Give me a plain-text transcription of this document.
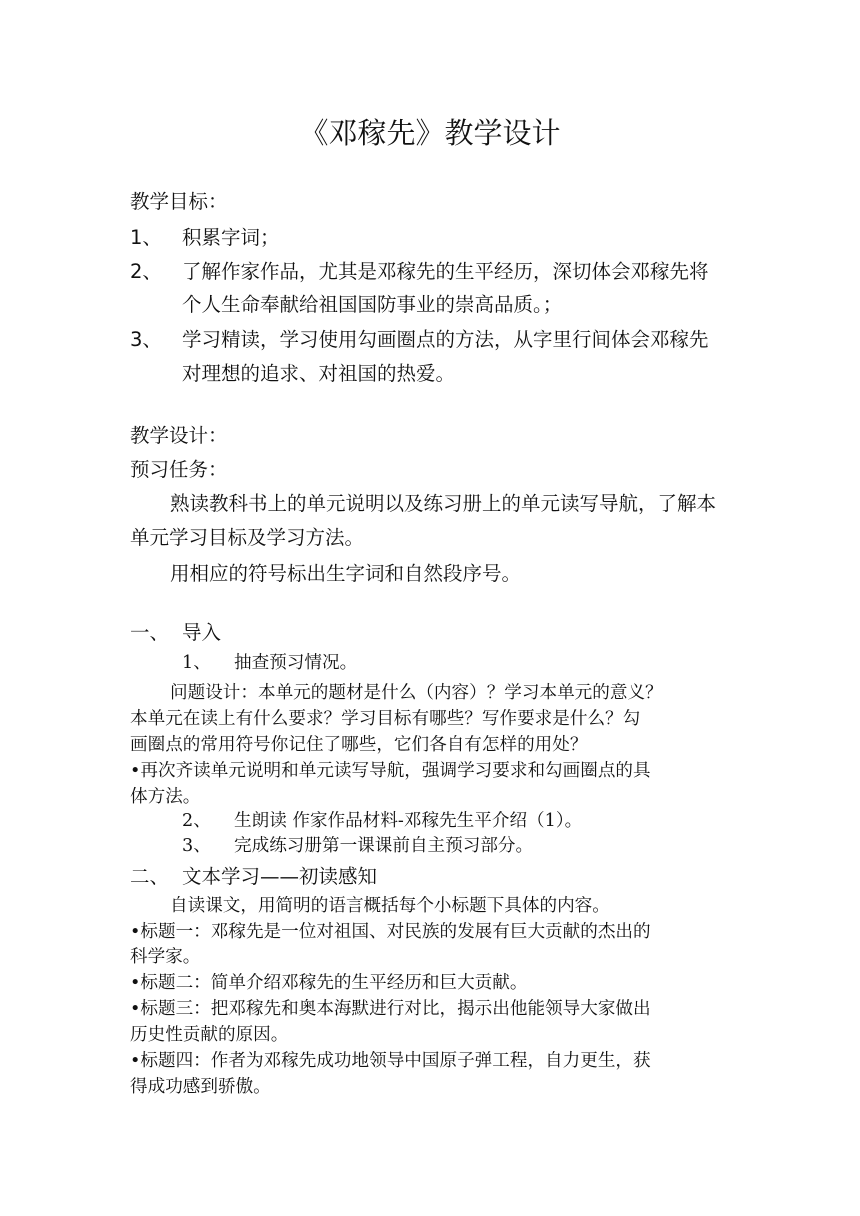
《邓稼先》教学设计

教学目标：

1、 积累字词；

2、 了解作家作品，尤其是邓稼先的生平经历，深切体会邓稼先将

个人生命奉献给祖国国防事业的崇高品质。；

3、 学习精读，学习使用勾画圈点的方法，从字里行间体会邓稼先

对理想的追求、对祖国的热爱。

教学设计：

预习任务：

熟读教科书上的单元说明以及练习册上的单元读写导航，了解本

单元学习目标及学习方法。

用相应的符号标出生字词和自然段序号。

一、 导入

1、 抽查预习情况。

问题设计：本单元的题材是什么（内容）？学习本单元的意义？

本单元在读上有什么要求？学习目标有哪些？写作要求是什么？勾

画圈点的常用符号你记住了哪些，它们各自有怎样的用处？

•再次齐读单元说明和单元读写导航，强调学习要求和勾画圈点的具

体方法。

2、 生朗读 作家作品材料-邓稼先生平介绍（1）。

3、 完成练习册第一课课前自主预习部分。

二、 文本学习——初读感知

自读课文，用简明的语言概括每个小标题下具体的内容。

•标题一：邓稼先是一位对祖国、对民族的发展有巨大贡献的杰出的

科学家。

•标题二：简单介绍邓稼先的生平经历和巨大贡献。

•标题三：把邓稼先和奥本海默进行对比，揭示出他能领导大家做出

历史性贡献的原因。

•标题四：作者为邓稼先成功地领导中国原子弹工程，自力更生，获

得成功感到骄傲。
